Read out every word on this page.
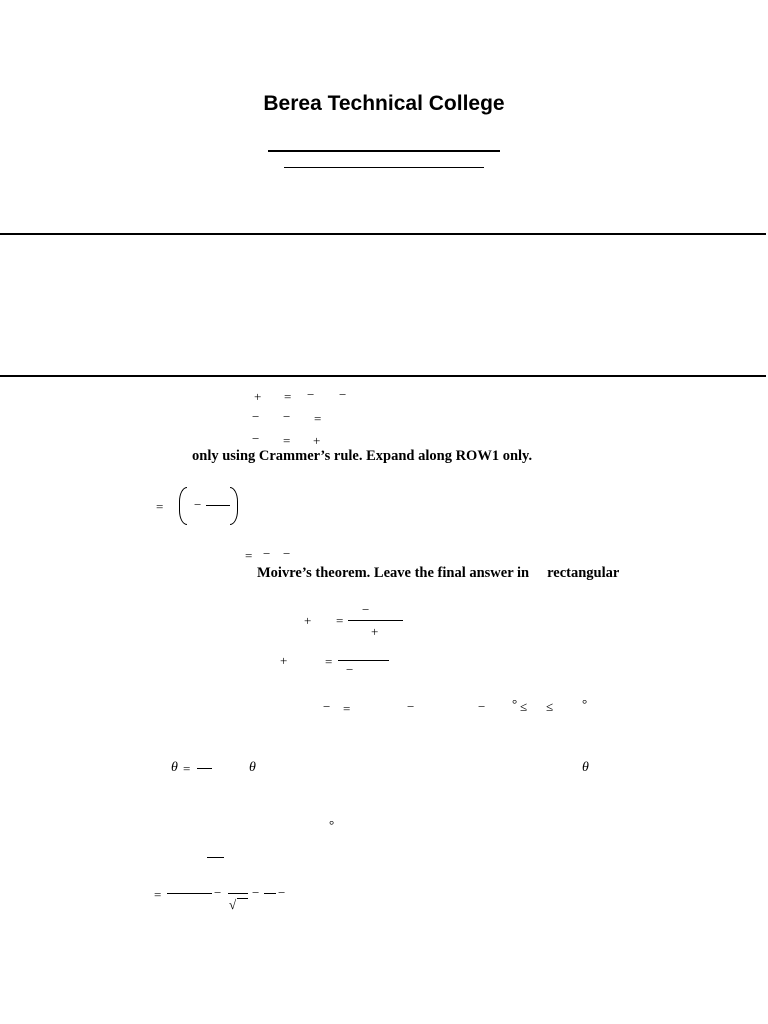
Berea Technical College
+ = − −
− − =
− = +
only using Crammer’s rule. Expand along ROW1 only.
= −
= − −
Moivre’s theorem. Leave the final answer in rectangular
+ =
−
+
+	=
−
− =	−	− ° ≤ ≤ °
θ =	θ	θ
°
=	−
√
− −
